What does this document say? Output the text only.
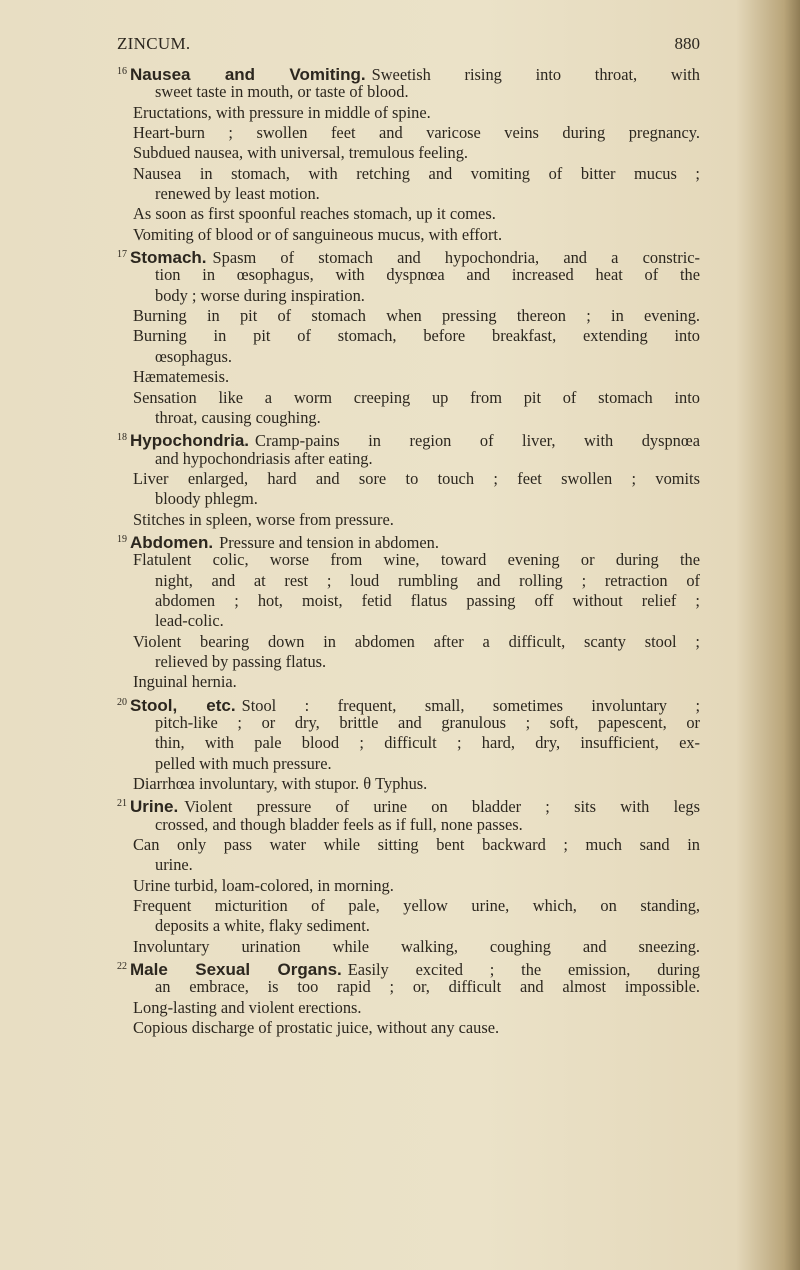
ZINCUM.	880
$^{16}$ Nausea and Vomiting. Sweetish rising into throat, with
sweet taste in mouth, or taste of blood.
Eructations, with pressure in middle of spine.
Heart-burn ; swollen feet and varicose veins during pregnancy.
Subdued nausea, with universal, tremulous feeling.
Nausea in stomach, with retching and vomiting of bitter mucus ;
renewed by least motion.
As soon as first spoonful reaches stomach, up it comes.
Vomiting of blood or of sanguineous mucus, with effort.
$^{17}$ Stomach. Spasm of stomach and hypochondria, and a constric-
tion in œsophagus, with dyspnœa and increased heat of the
body ; worse during inspiration.
Burning in pit of stomach when pressing thereon ; in evening.
Burning in pit of stomach, before breakfast, extending into
œsophagus.
Hæmatemesis.
Sensation like a worm creeping up from pit of stomach into
throat, causing coughing.
$^{18}$ Hypochondria. Cramp-pains in region of liver, with dyspnœa
and hypochondriasis after eating.
Liver enlarged, hard and sore to touch ; feet swollen ; vomits
bloody phlegm.
Stitches in spleen, worse from pressure.
$^{19}$ Abdomen. Pressure and tension in abdomen.
Flatulent colic, worse from wine, toward evening or during the
night, and at rest ; loud rumbling and rolling ; retraction of
abdomen ; hot, moist, fetid flatus passing off without relief ;
lead-colic.
Violent bearing down in abdomen after a difficult, scanty stool ;
relieved by passing flatus.
Inguinal hernia.
$^{20}$ Stool, etc. Stool : frequent, small, sometimes involuntary ;
pitch-like ; or dry, brittle and granulous ; soft, papescent, or
thin, with pale blood ; difficult ; hard, dry, insufficient, ex-
pelled with much pressure.
Diarrhœa involuntary, with stupor. θ Typhus.
$^{21}$ Urine. Violent pressure of urine on bladder ; sits with legs
crossed, and though bladder feels as if full, none passes.
Can only pass water while sitting bent backward ; much sand in
urine.
Urine turbid, loam-colored, in morning.
Frequent micturition of pale, yellow urine, which, on standing,
deposits a white, flaky sediment.
Involuntary urination while walking, coughing and sneezing.
$^{22}$ Male Sexual Organs. Easily excited ; the emission, during
an embrace, is too rapid ; or, difficult and almost impossible.
Long-lasting and violent erections.
Copious discharge of prostatic juice, without any cause.
